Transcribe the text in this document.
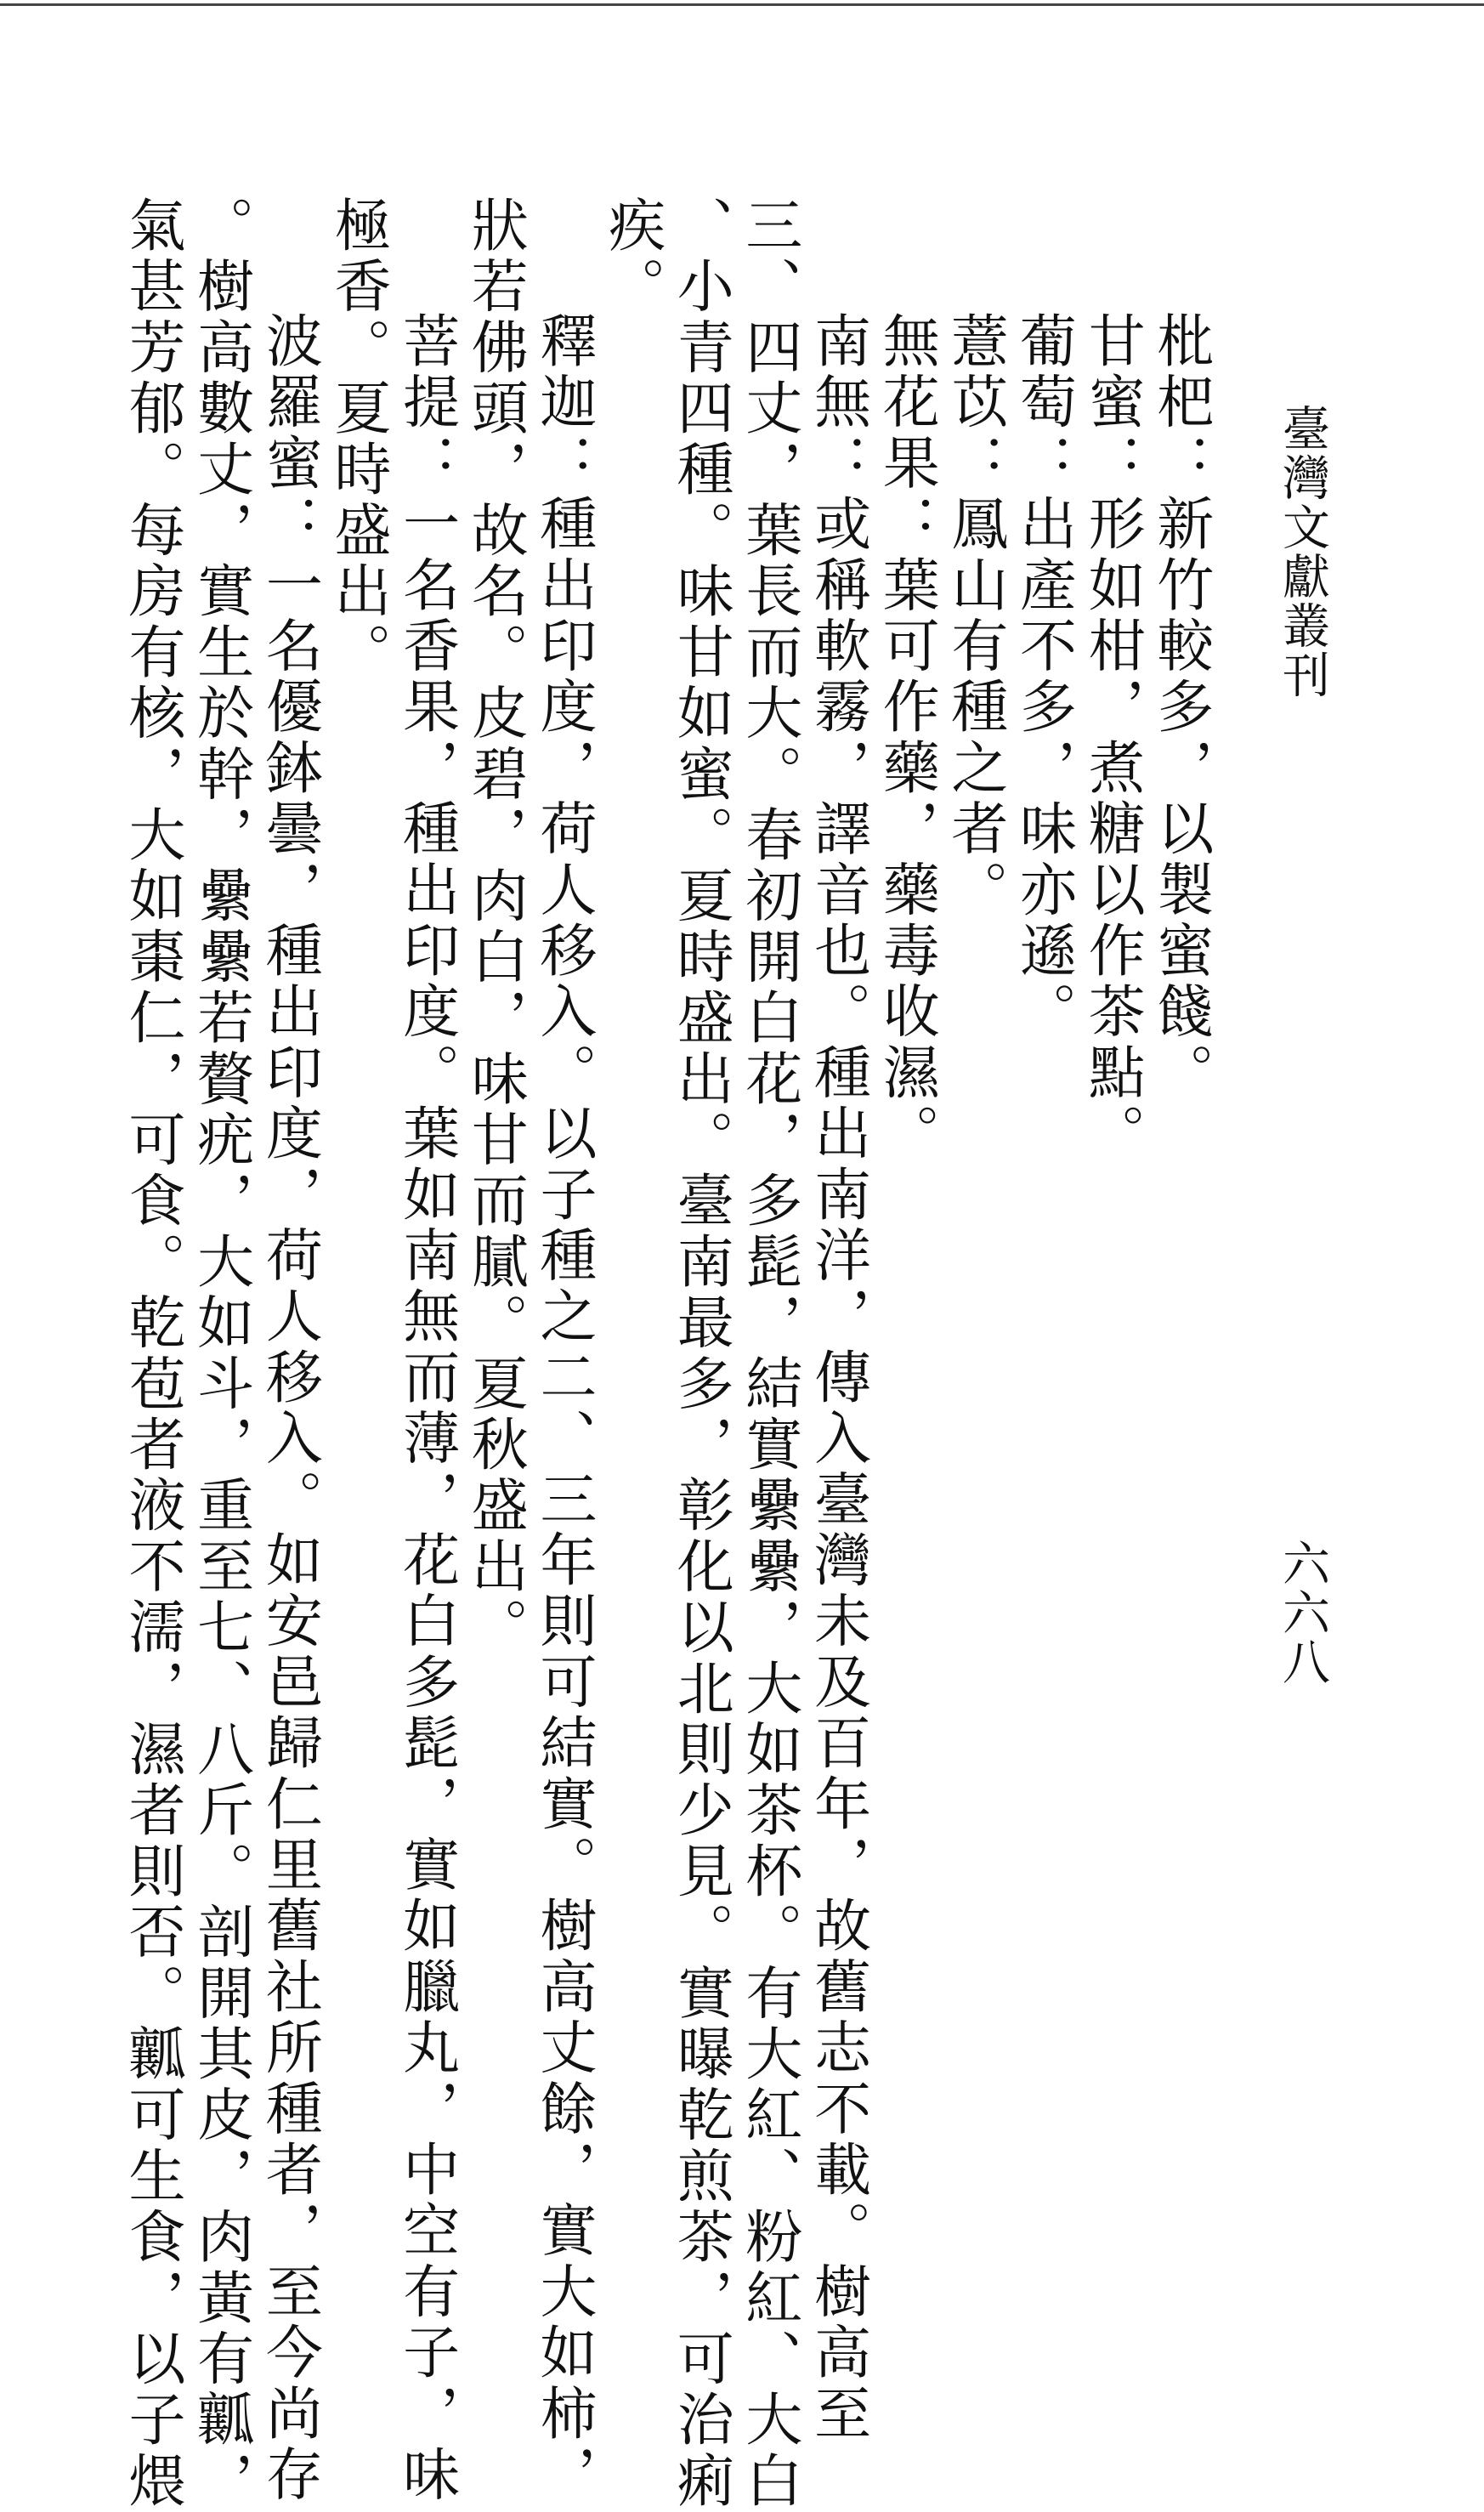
臺灣文獻叢刊
六六八
枇杷：新竹較多，以製蜜餞。
甘蜜：形如柑，煮糖以作茶點。
葡萄：出產不多，味亦遜。
薏苡：鳳山有種之者。
無花果：葉可作藥，藥毒收濕。
南無：或稱軟霧，譯音也。種出南洋，傳入臺灣未及百年，故舊志不載。樹高至
三、四丈，葉長而大。春初開白花，多髭，結實纍纍，大如茶杯。有大紅、粉紅、大白
、小青四種。味甘如蜜。夏時盛出。臺南最多，彰化以北則少見。實曝乾煎茶，可治痢
疾。
釋迦：種出印度，荷人移入。以子種之二、三年則可結實。樹高丈餘，實大如柿，
狀若佛頭，故名。皮碧，肉白，味甘而膩。夏秋盛出。
菩提：一名香果，種出印度。葉如南無而薄，花白多髭，實如臘丸，中空有子，味
極香。夏時盛出。
波羅蜜：一名優鉢曇，種出印度，荷人移入。如安邑歸仁里舊社所種者，至今尚存
。樹高數丈，實生於幹，纍纍若贅疣，大如斗，重至七、八斤。剖開其皮，肉黃有瓤，
氣甚芳郁。每房有核，大如棗仁，可食。乾苞者液不濡，濕者則否。瓤可生食，以子煨
